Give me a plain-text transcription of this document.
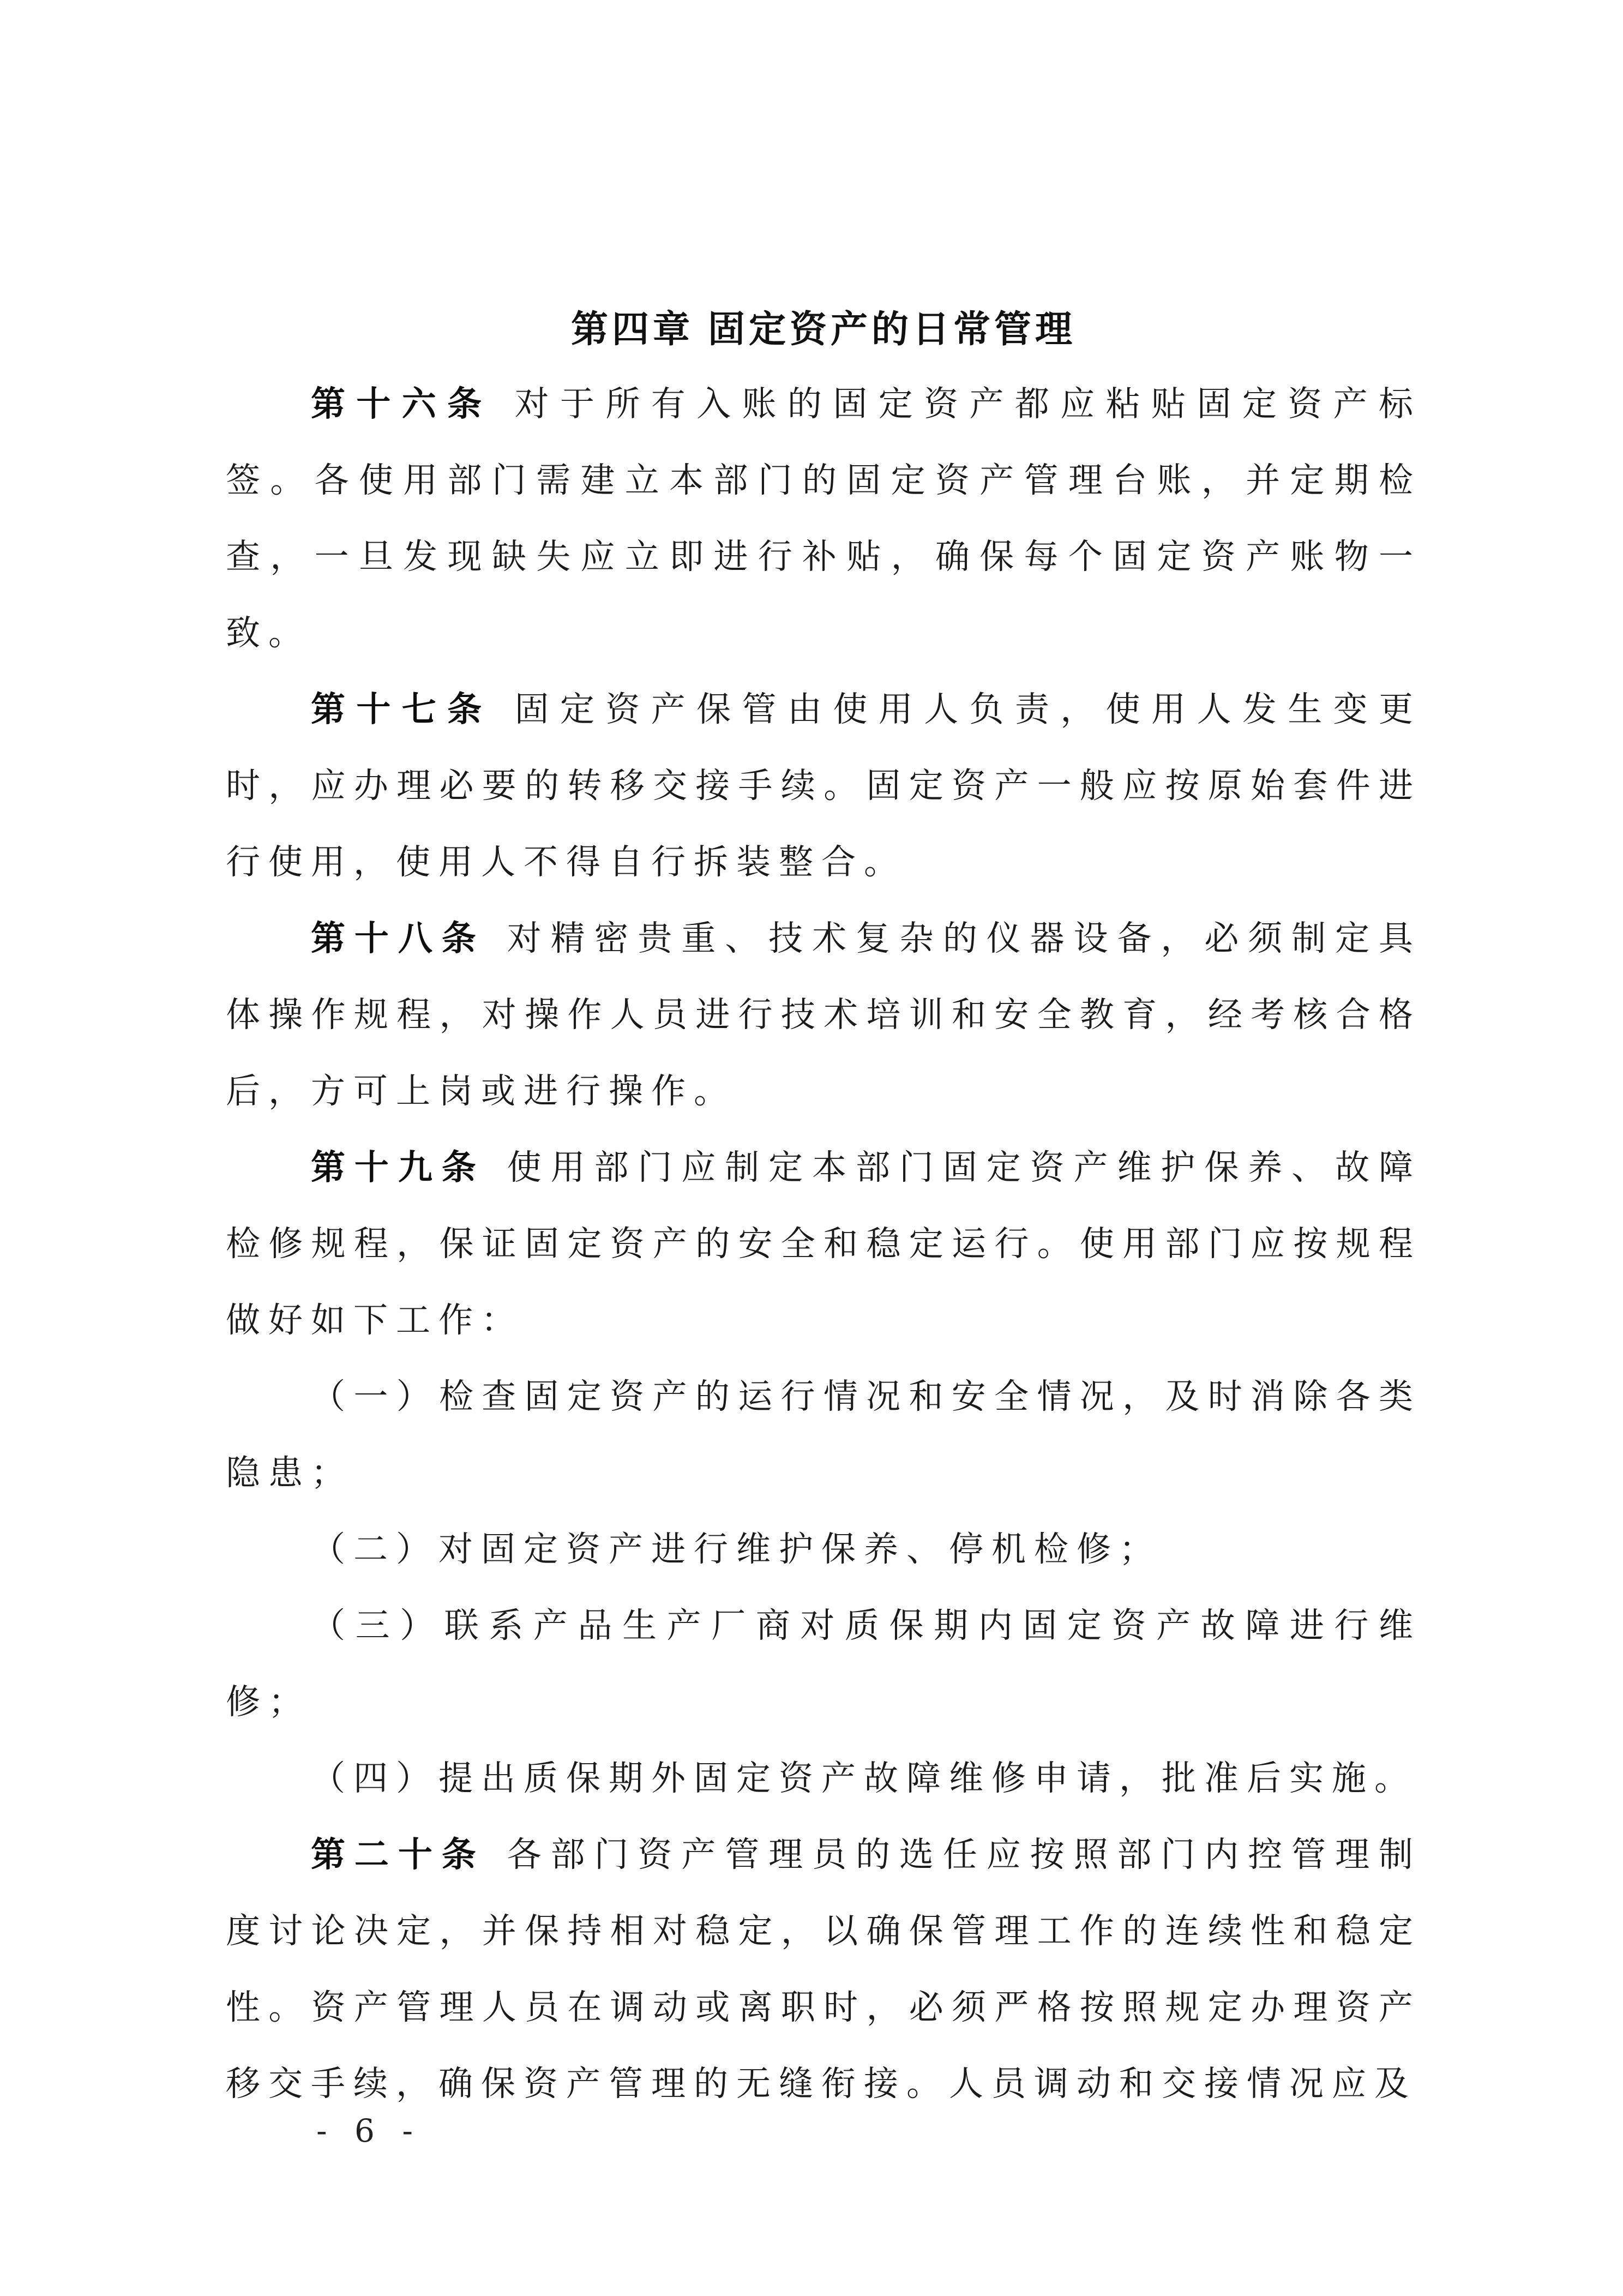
第四章 固定资产的日常管理

第十六条 对于所有入账的固定资产都应粘贴固定资产标签。各使用部门需建立本部门的固定资产管理台账，并定期检查，一旦发现缺失应立即进行补贴，确保每个固定资产账物一致。

第十七条 固定资产保管由使用人负责，使用人发生变更时，应办理必要的转移交接手续。固定资产一般应按原始套件进行使用，使用人不得自行拆装整合。

第十八条 对精密贵重、技术复杂的仪器设备，必须制定具体操作规程，对操作人员进行技术培训和安全教育，经考核合格后，方可上岗或进行操作。

第十九条 使用部门应制定本部门固定资产维护保养、故障检修规程，保证固定资产的安全和稳定运行。使用部门应按规程做好如下工作：

（一）检查固定资产的运行情况和安全情况，及时消除各类隐患；

（二）对固定资产进行维护保养、停机检修；

（三）联系产品生产厂商对质保期内固定资产故障进行维修；

（四）提出质保期外固定资产故障维修申请，批准后实施。

第二十条 各部门资产管理员的选任应按照部门内控管理制度讨论决定，并保持相对稳定，以确保管理工作的连续性和稳定性。资产管理人员在调动或离职时，必须严格按照规定办理资产移交手续，确保资产管理的无缝衔接。人员调动和交接情况应及

- 6 -
